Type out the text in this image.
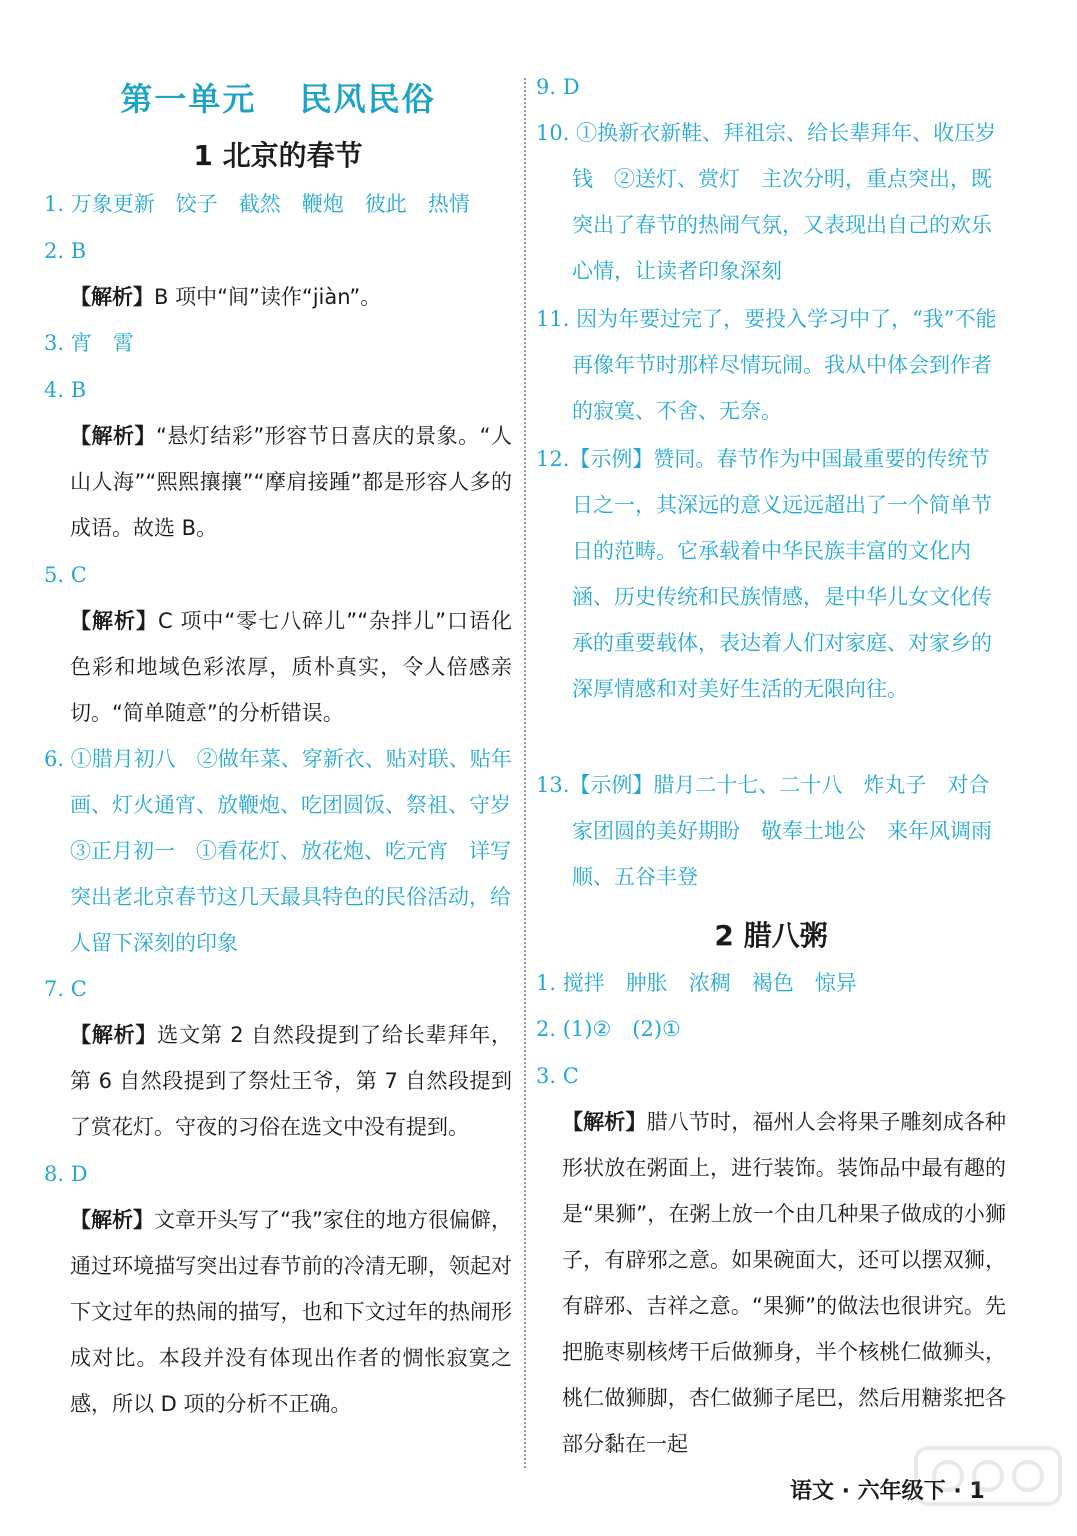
第一单元 民风民俗
1 北京的春节
1. 万象更新　饺子　截然　鞭炮　彼此　热情
2. B
【解析】B 项中“间”读作“jiàn”。
3. 宵　霄
4. B
【解析】“悬灯结彩”形容节日喜庆的景象。“人山人海”“熙熙攘攘”“摩肩接踵”都是形容人多的成语。故选 B。
5. C
【解析】C 项中“零七八碎儿”“杂拌儿”口语化色彩和地域色彩浓厚，质朴真实，令人倍感亲切。“简单随意”的分析错误。
6. ①腊月初八　②做年菜、穿新衣、贴对联、贴年画、灯火通宵、放鞭炮、吃团圆饭、祭祖、守岁　③正月初一　①看花灯、放花炮、吃元宵　详写　突出老北京春节这几天最具特色的民俗活动，给人留下深刻的印象
7. C
【解析】选文第 2 自然段提到了给长辈拜年，第 6 自然段提到了祭灶王爷，第 7 自然段提到了赏花灯。守夜的习俗在选文中没有提到。
8. D
【解析】文章开头写了“我”家住的地方很偏僻，通过环境描写突出过春节前的冷清无聊，领起对下文过年的热闹的描写，也和下文过年的热闹形成对比。本段并没有体现出作者的惆怅寂寞之感，所以 D 项的分析不正确。
9. D
10. ①换新衣新鞋、拜祖宗、给长辈拜年、收压岁钱　②送灯、赏灯　主次分明，重点突出，既突出了春节的热闹气氛，又表现出自己的欢乐心情，让读者印象深刻
11. 因为年要过完了，要投入学习中了，“我”不能再像年节时那样尽情玩闹。我从中体会到作者的寂寞、不舍、无奈。
12.【示例】赞同。春节作为中国最重要的传统节日之一，其深远的意义远远超出了一个简单节日的范畴。它承载着中华民族丰富的文化内涵、历史传统和民族情感，是中华儿女文化传承的重要载体，表达着人们对家庭、对家乡的深厚情感和对美好生活的无限向往。
13.【示例】腊月二十七、二十八　炸丸子　对合家团圆的美好期盼　敬奉土地公　来年风调雨顺、五谷丰登
2 腊八粥
1. 搅拌　肿胀　浓稠　褐色　惊异
2. (1)②　(2)①
3. C
【解析】腊八节时，福州人会将果子雕刻成各种形状放在粥面上，进行装饰。装饰品中最有趣的是“果狮”，在粥上放一个由几种果子做成的小狮子，有辟邪之意。如果碗面大，还可以摆双狮，有辟邪、吉祥之意。“果狮”的做法也很讲究。先把脆枣剔核烤干后做狮身，半个核桃仁做狮头，桃仁做狮脚，杏仁做狮子尾巴，然后用糖浆把各部分黏在一起
语文 · 六年级下 · 1
